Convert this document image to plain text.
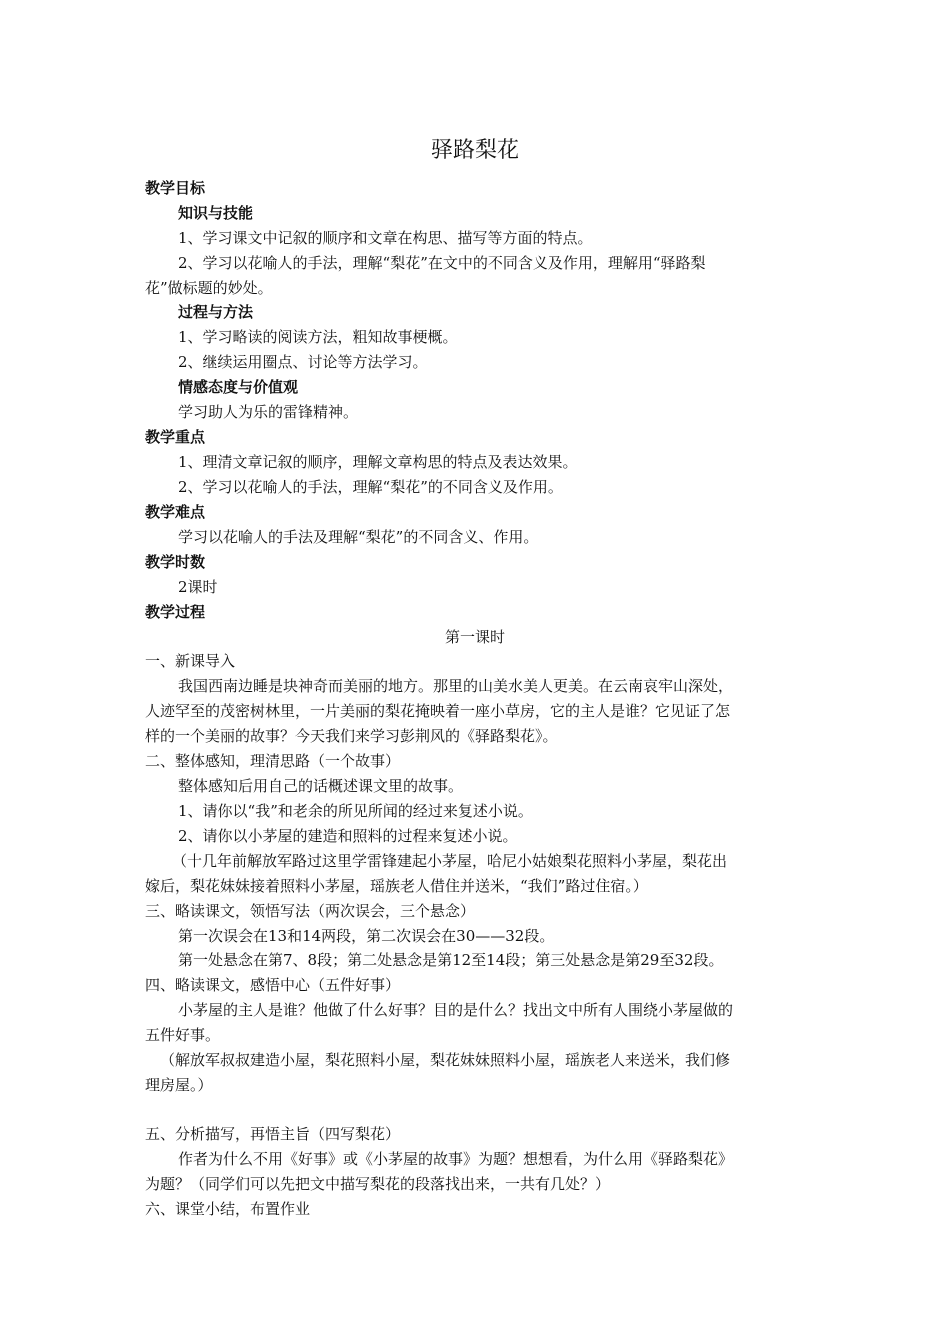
驿路梨花
教学目标
知识与技能
1、学习课文中记叙的顺序和文章在构思、描写等方面的特点。
2、学习以花喻人的手法，理解“梨花”在文中的不同含义及作用，理解用“驿路梨
花”做标题的妙处。
过程与方法
1、学习略读的阅读方法，粗知故事梗概。
2、继续运用圈点、讨论等方法学习。
情感态度与价值观
学习助人为乐的雷锋精神。
教学重点
1、理清文章记叙的顺序，理解文章构思的特点及表达效果。
2、学习以花喻人的手法，理解“梨花”的不同含义及作用。
教学难点
学习以花喻人的手法及理解“梨花”的不同含义、作用。
教学时数
2课时
教学过程
第一课时
一、新课导入
我国西南边睡是块神奇而美丽的地方。那里的山美水美人更美。在云南哀牢山深处，
人迹罕至的茂密树林里，一片美丽的梨花掩映着一座小草房，它的主人是谁？它见证了怎
样的一个美丽的故事？今天我们来学习彭荆风的《驿路梨花》。
二、整体感知，理清思路（一个故事）
整体感知后用自己的话概述课文里的故事。
1、请你以“我”和老余的所见所闻的经过来复述小说。
2、请你以小茅屋的建造和照料的过程来复述小说。
（十几年前解放军路过这里学雷锋建起小茅屋，哈尼小姑娘梨花照料小茅屋，梨花出
嫁后，梨花妹妹接着照料小茅屋，瑶族老人借住并送米，“我们”路过住宿。）
三、略读课文，领悟写法（两次误会，三个悬念）
第一次误会在13和14两段，第二次误会在30——32段。
第一处悬念在第7、8段；第二处悬念是第12至14段；第三处悬念是第29至32段。
四、略读课文，感悟中心（五件好事）
小茅屋的主人是谁？他做了什么好事？目的是什么？找出文中所有人围绕小茅屋做的
五件好事。
（解放军叔叔建造小屋，梨花照料小屋，梨花妹妹照料小屋，瑶族老人来送米，我们修
理房屋。）
五、分析描写，再悟主旨（四写梨花）
作者为什么不用《好事》或《小茅屋的故事》为题？想想看，为什么用《驿路梨花》
为题？（同学们可以先把文中描写梨花的段落找出来，一共有几处？）
六、课堂小结，布置作业
